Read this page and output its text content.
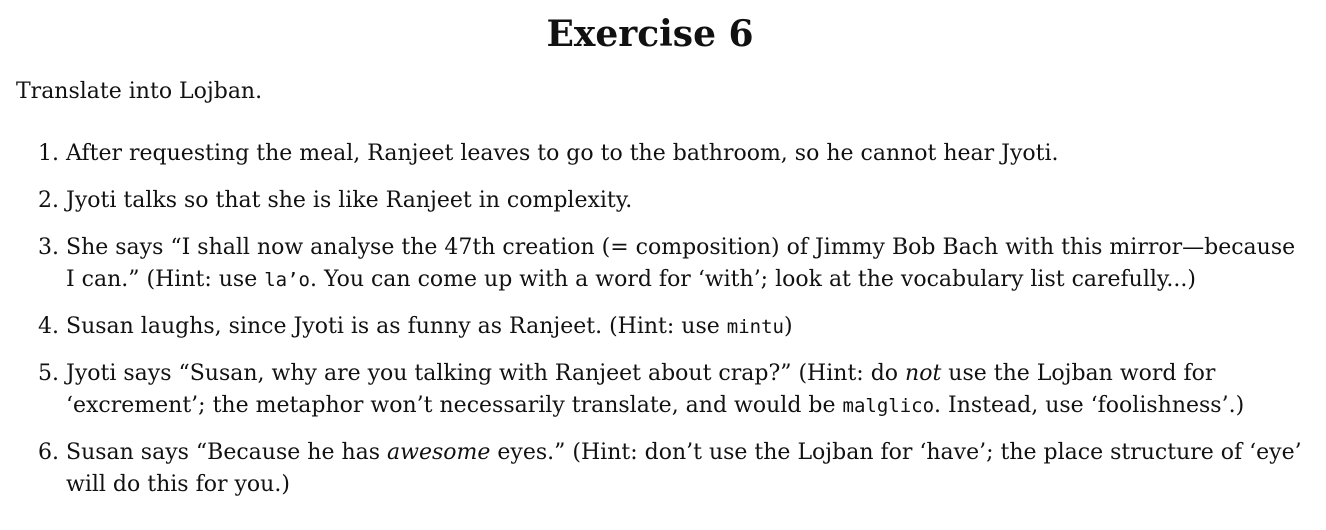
Exercise 6

Translate into Lojban.

1. After requesting the meal, Ranjeet leaves to go to the bathroom, so he cannot hear Jyoti.
2. Jyoti talks so that she is like Ranjeet in complexity.
3. She says “I shall now analyse the 47th creation (= composition) of Jimmy Bob Bach with this mirror—because I can.” (Hint: use la’o. You can come up with a word for ‘with’; look at the vocabulary list carefully...)
4. Susan laughs, since Jyoti is as funny as Ranjeet. (Hint: use mintu)
5. Jyoti says “Susan, why are you talking with Ranjeet about crap?” (Hint: do not use the Lojban word for ‘excrement’; the metaphor won’t necessarily translate, and would be malglico. Instead, use ‘foolishness’.)
6. Susan says “Because he has awesome eyes.” (Hint: don’t use the Lojban for ‘have’; the place structure of ‘eye’ will do this for you.)
